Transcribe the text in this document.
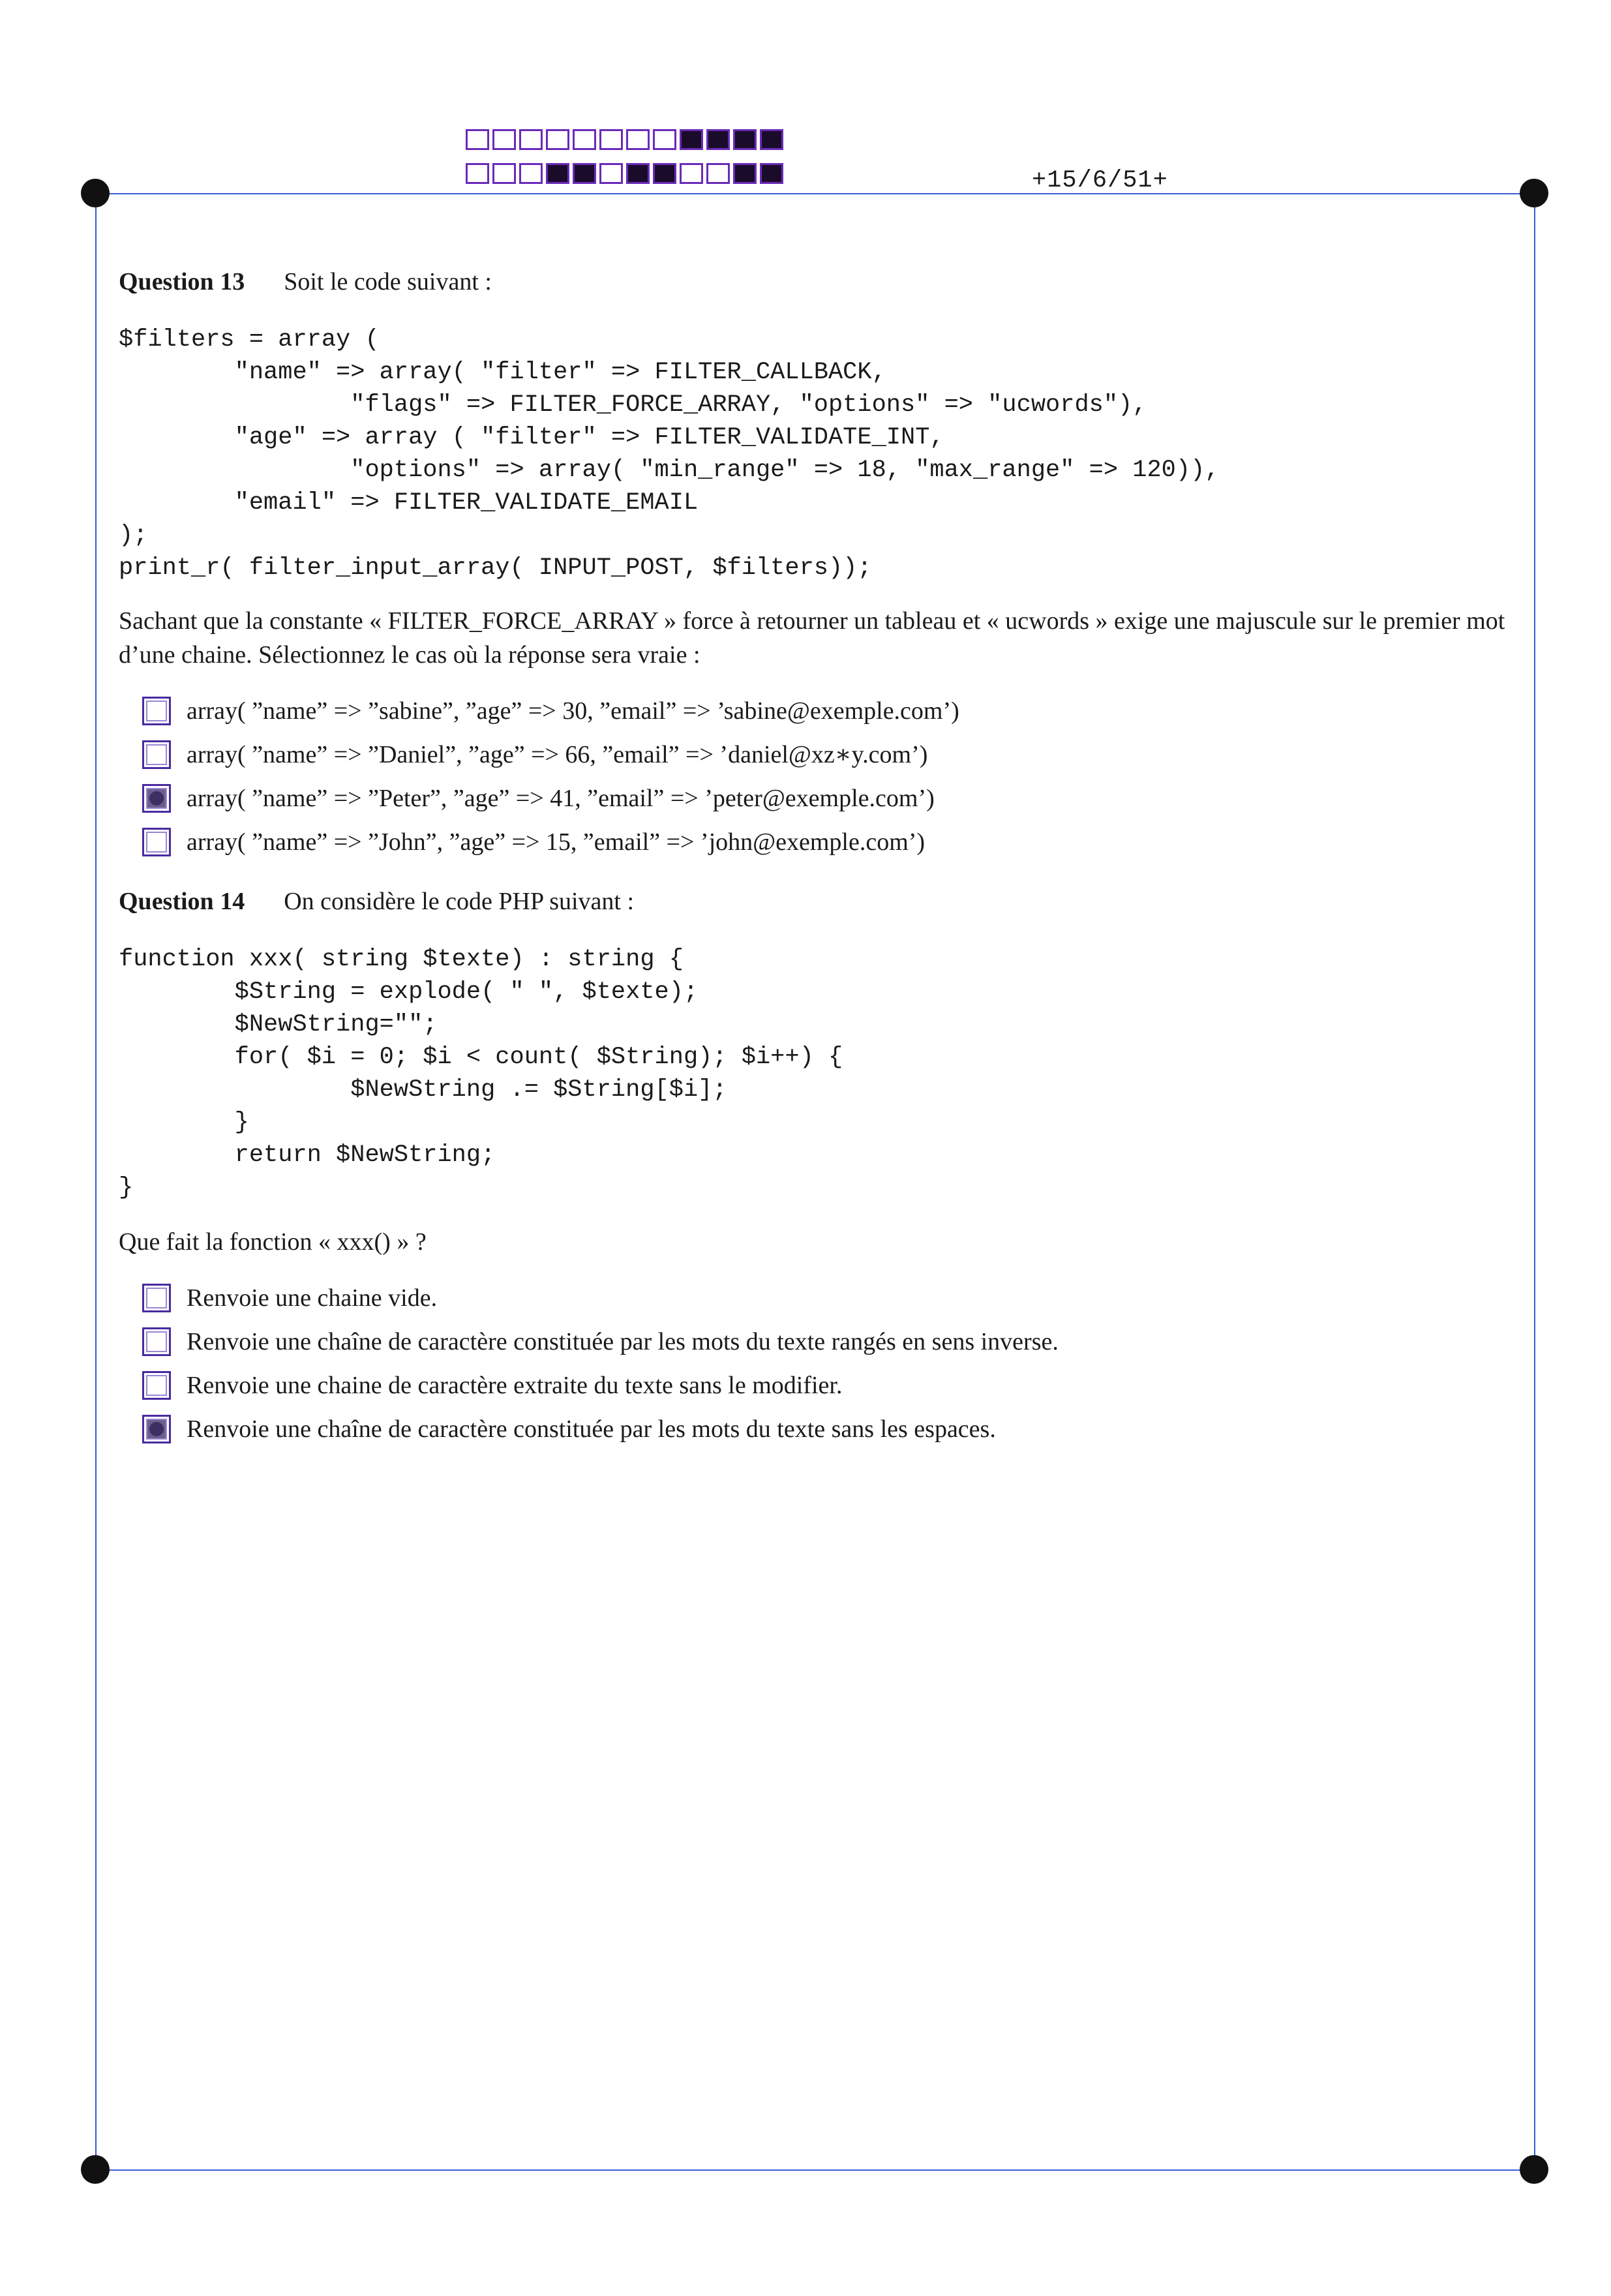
+15/6/51+
Question 13 Soit le code suivant :
$filters = array (
"name" => array( "filter" => FILTER_CALLBACK,
"flags" => FILTER_FORCE_ARRAY, "options" => "ucwords"),
"age" => array ( "filter" => FILTER_VALIDATE_INT,
"options" => array( "min_range" => 18, "max_range" => 120)),
"email" => FILTER_VALIDATE_EMAIL
);
print_r( filter_input_array( INPUT_POST, $filters));
Sachant que la constante « FILTER_FORCE_ARRAY » force à retourner un tableau et « ucwords » exige une majuscule sur le premier mot d’une chaine. Sélectionnez le cas où la réponse sera vraie :
array( ”name” => ”sabine”, ”age” => 30, ”email” => ’sabine@exemple.com’)
array( ”name” => ”Daniel”, ”age” => 66, ”email” => ’daniel@xz∗y.com’)
array( ”name” => ”Peter”, ”age” => 41, ”email” => ’peter@exemple.com’)
array( ”name” => ”John”, ”age” => 15, ”email” => ’john@exemple.com’)
Question 14 On considère le code PHP suivant :
function xxx( string $texte) : string {
$String = explode( " ", $texte);
$NewString="";
for( $i = 0; $i < count( $String); $i++) {
$NewString .= $String[$i];
}
return $NewString;
}
Que fait la fonction « xxx() » ?
Renvoie une chaine vide.
Renvoie une chaîne de caractère constituée par les mots du texte rangés en sens inverse.
Renvoie une chaine de caractère extraite du texte sans le modifier.
Renvoie une chaîne de caractère constituée par les mots du texte sans les espaces.
